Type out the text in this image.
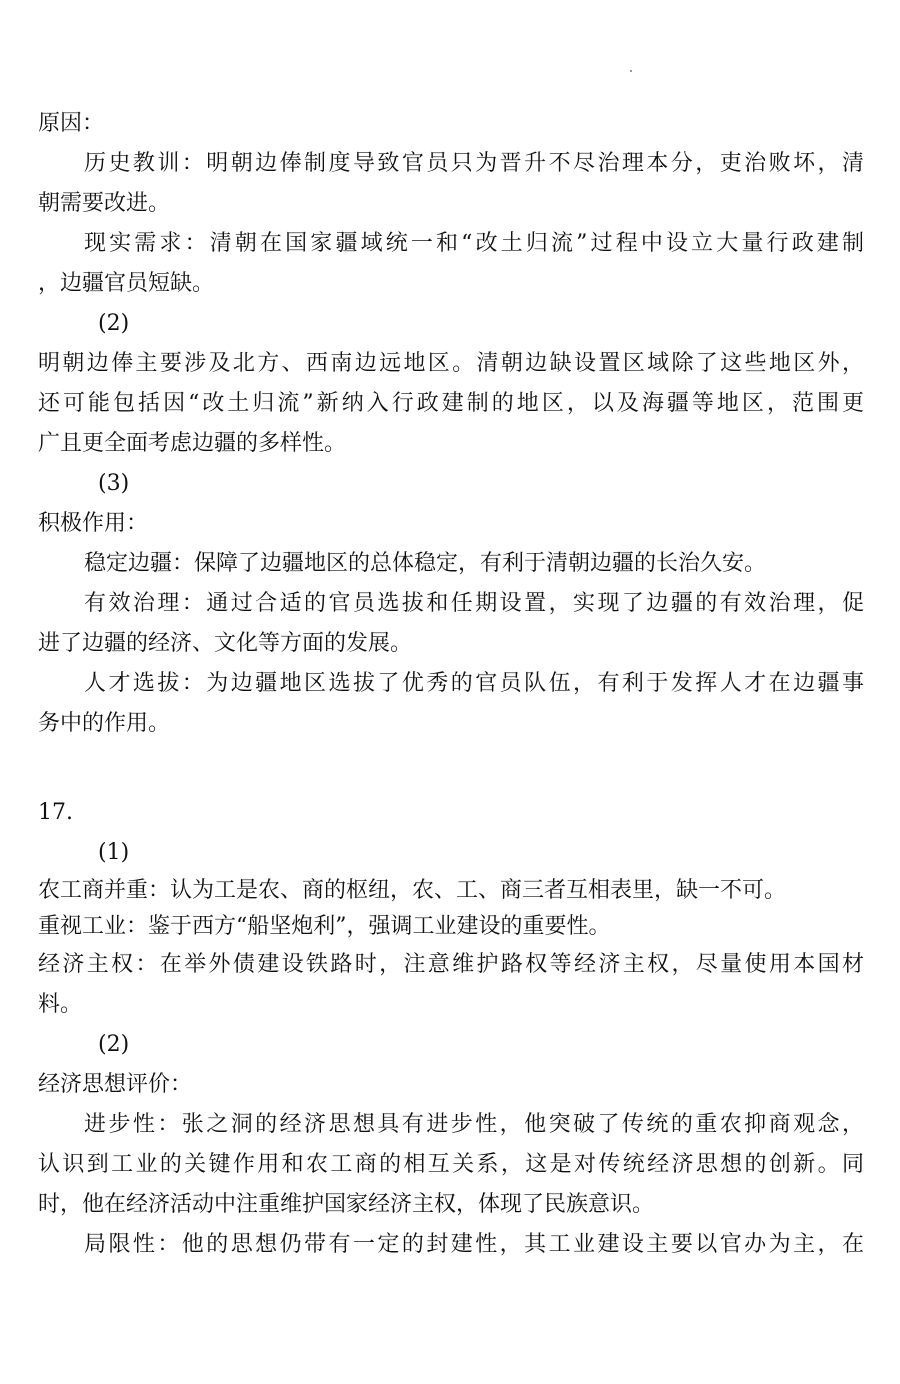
原因：
历史教训：明朝边俸制度导致官员只为晋升不尽治理本分，吏治败坏，清
朝需要改进。
现实需求：清朝在国家疆域统一和“改土归流”过程中设立大量行政建制
，边疆官员短缺。
(2)
明朝边俸主要涉及北方、西南边远地区。清朝边缺设置区域除了这些地区外，
还可能包括因“改土归流”新纳入行政建制的地区，以及海疆等地区，范围更
广且更全面考虑边疆的多样性。
(3)
积极作用：
稳定边疆：保障了边疆地区的总体稳定，有利于清朝边疆的长治久安。
有效治理：通过合适的官员选拔和任期设置，实现了边疆的有效治理，促
进了边疆的经济、文化等方面的发展。
人才选拔：为边疆地区选拔了优秀的官员队伍，有利于发挥人才在边疆事
务中的作用。
17.
(1)
农工商并重：认为工是农、商的枢纽，农、工、商三者互相表里，缺一不可。
重视工业：鉴于西方“船坚炮利”，强调工业建设的重要性。
经济主权：在举外债建设铁路时，注意维护路权等经济主权，尽量使用本国材
料。
(2)
经济思想评价：
进步性：张之洞的经济思想具有进步性，他突破了传统的重农抑商观念，
认识到工业的关键作用和农工商的相互关系，这是对传统经济思想的创新。同
时，他在经济活动中注重维护国家经济主权，体现了民族意识。
局限性：他的思想仍带有一定的封建性，其工业建设主要以官办为主，在
